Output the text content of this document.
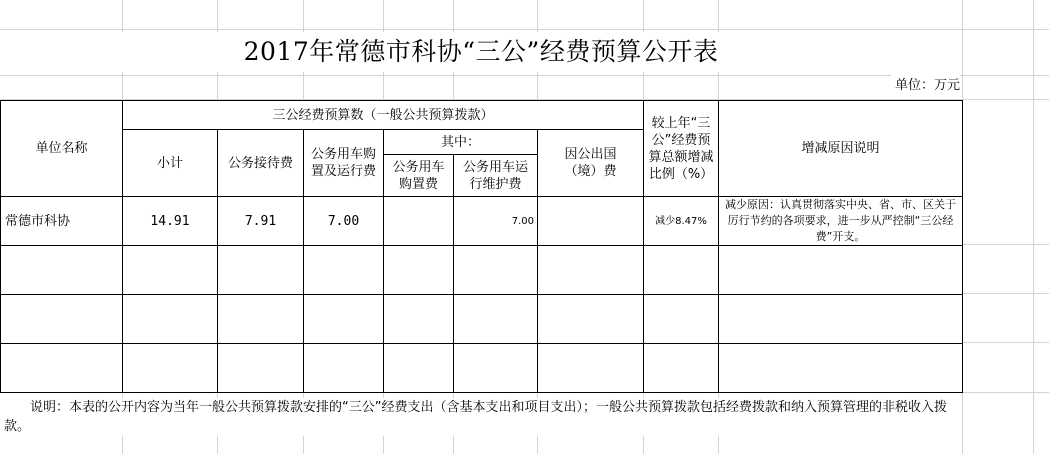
2017年常德市科协“三公”经费预算公开表
单位：万元
单位名称	三公经费预算数（一般公共预算拨款）						较上年“三公”经费预算总额增减比例（%）	增减原因说明
	小计	公务接待费	公务用车购置及运行费	其中：		因公出国（境）费		
				公务用车购置费	公务用车运行维护费			
常德市科协	14.91	7.91	7.00		7.00		减少8.47%	减少原因：认真贯彻落实中央、省、市、区关于厉行节约的各项要求，进一步从严控制“三公经费”开支。

说明：本表的公开内容为当年一般公共预算拨款安排的“三公”经费支出（含基本支出和项目支出）；一般公共预算拨款包括经费拨款和纳入预算管理的非税收入拨款。
